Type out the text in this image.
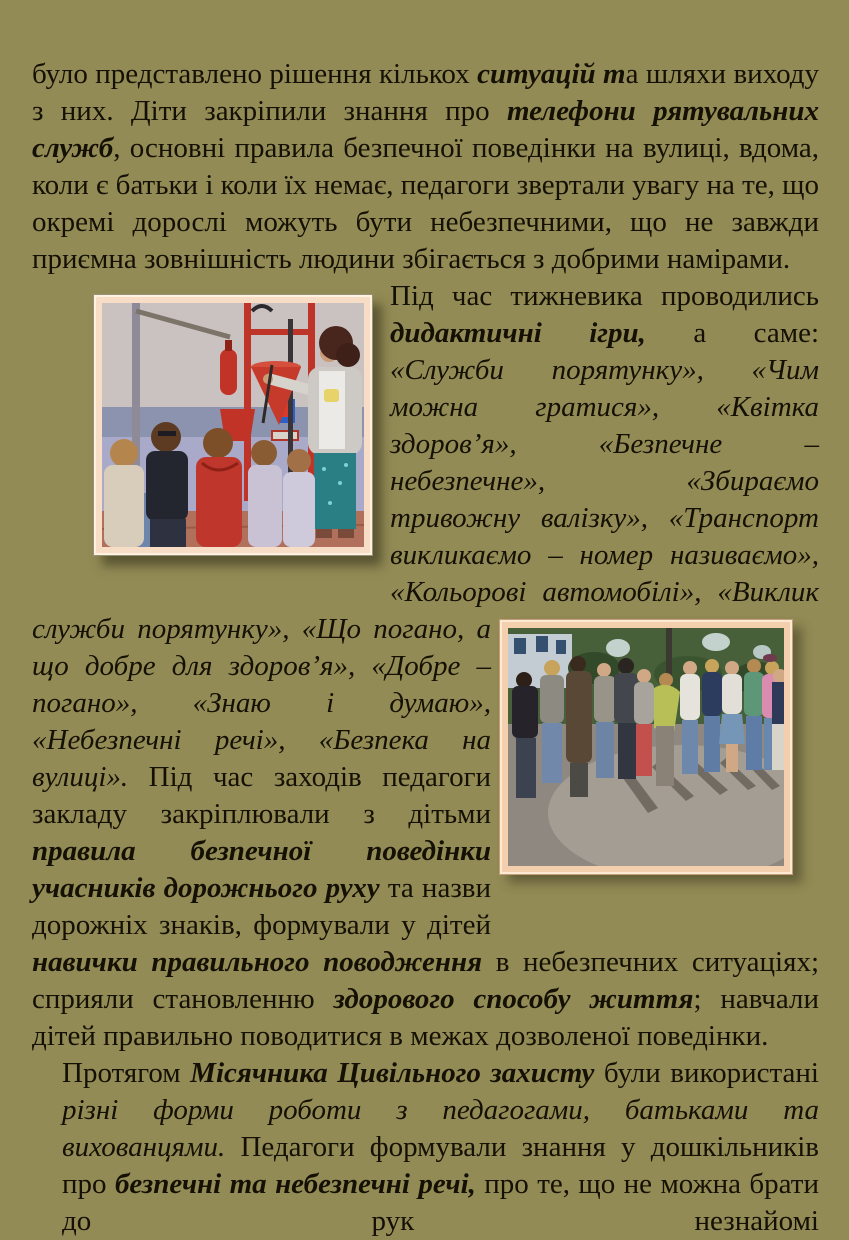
було представлено рішення кількох ситуацій та шляхи виходу з них. Діти закріпили знання про телефони рятувальних служб, основні правила безпечної поведінки на вулиці, вдома, коли є батьки і коли їх немає, педагоги звертали увагу на те, що окремі дорослі можуть бути небезпечними, що не завжди приємна зовнішність людини збігається з добрими намірами.

Під час тижневика проводились дидактичні ігри, а саме: «Служби порятунку», «Чим можна гратися», «Квітка здоров’я», «Безпечне – небезпечне», «Збираємо тривожну валізку», «Транспорт викликаємо – номер називаємо», «Кольорові
автомо​білі», «Виклик служби порятунку», «Що погано, а що добре для здоров’я», «Добре – погано», «Знаю і думаю», «Небезпечні речі», «Безпека на вулиці». Під час заходів педагоги закладу закріплювали з дітьми правила безпечної поведінки учасників дорожнього руху та назви дорожніх знаків, формували у дітей навички правильного поводження в небезпечних ситуаціях; сприяли становленню здорового способу життя; навчали дітей правильно поводитися в межах дозволеної поведінки.

Протягом Місячника Цивільного захисту були використані різні форми роботи з педагогами, батьками та вихованцями. Педагоги формували знання у дошкільників про безпечні та небезпечні речі, про те, що не можна брати до рук незнайомі
